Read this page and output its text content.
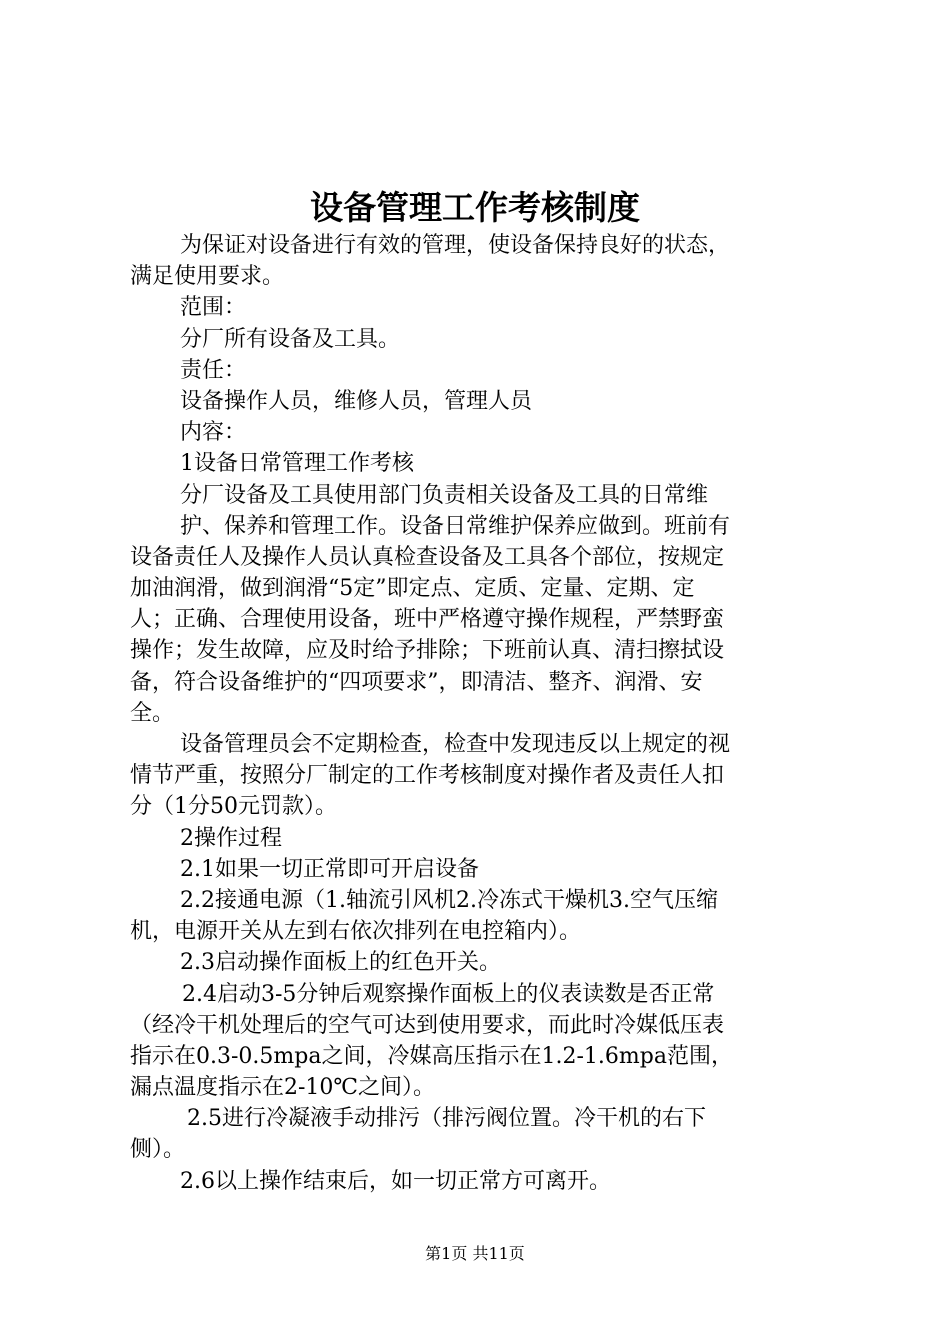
设备管理工作考核制度
为保证对设备进行有效的管理，使设备保持良好的状态，
满足使用要求。
范围：
分厂所有设备及工具。
责任：
设备操作人员，维修人员，管理人员
内容：
1设备日常管理工作考核
分厂设备及工具使用部门负责相关设备及工具的日常维
护、保养和管理工作。设备日常维护保养应做到。班前有
设备责任人及操作人员认真检查设备及工具各个部位，按规定
加油润滑，做到润滑“5定”即定点、定质、定量、定期、定
人；正确、合理使用设备，班中严格遵守操作规程，严禁野蛮
操作；发生故障，应及时给予排除；下班前认真、清扫擦拭设
备，符合设备维护的“四项要求”，即清洁、整齐、润滑、安
全。
设备管理员会不定期检查，检查中发现违反以上规定的视
情节严重，按照分厂制定的工作考核制度对操作者及责任人扣
分（1分50元罚款）。
2操作过程
2.1如果一切正常即可开启设备
2.2接通电源（1.轴流引风机2.冷冻式干燥机3.空气压缩
机，电源开关从左到右依次排列在电控箱内）。
2.3启动操作面板上的红色开关。
2.4启动3-5分钟后观察操作面板上的仪表读数是否正常
（经冷干机处理后的空气可达到使用要求，而此时冷媒低压表
指示在0.3-0.5mpa之间，冷媒高压指示在1.2-1.6mpa范围，
漏点温度指示在2-10℃之间）。
2.5进行冷凝液手动排污（排污阀位置。冷干机的右下
侧）。
2.6以上操作结束后，如一切正常方可离开。
第1页 共11页
